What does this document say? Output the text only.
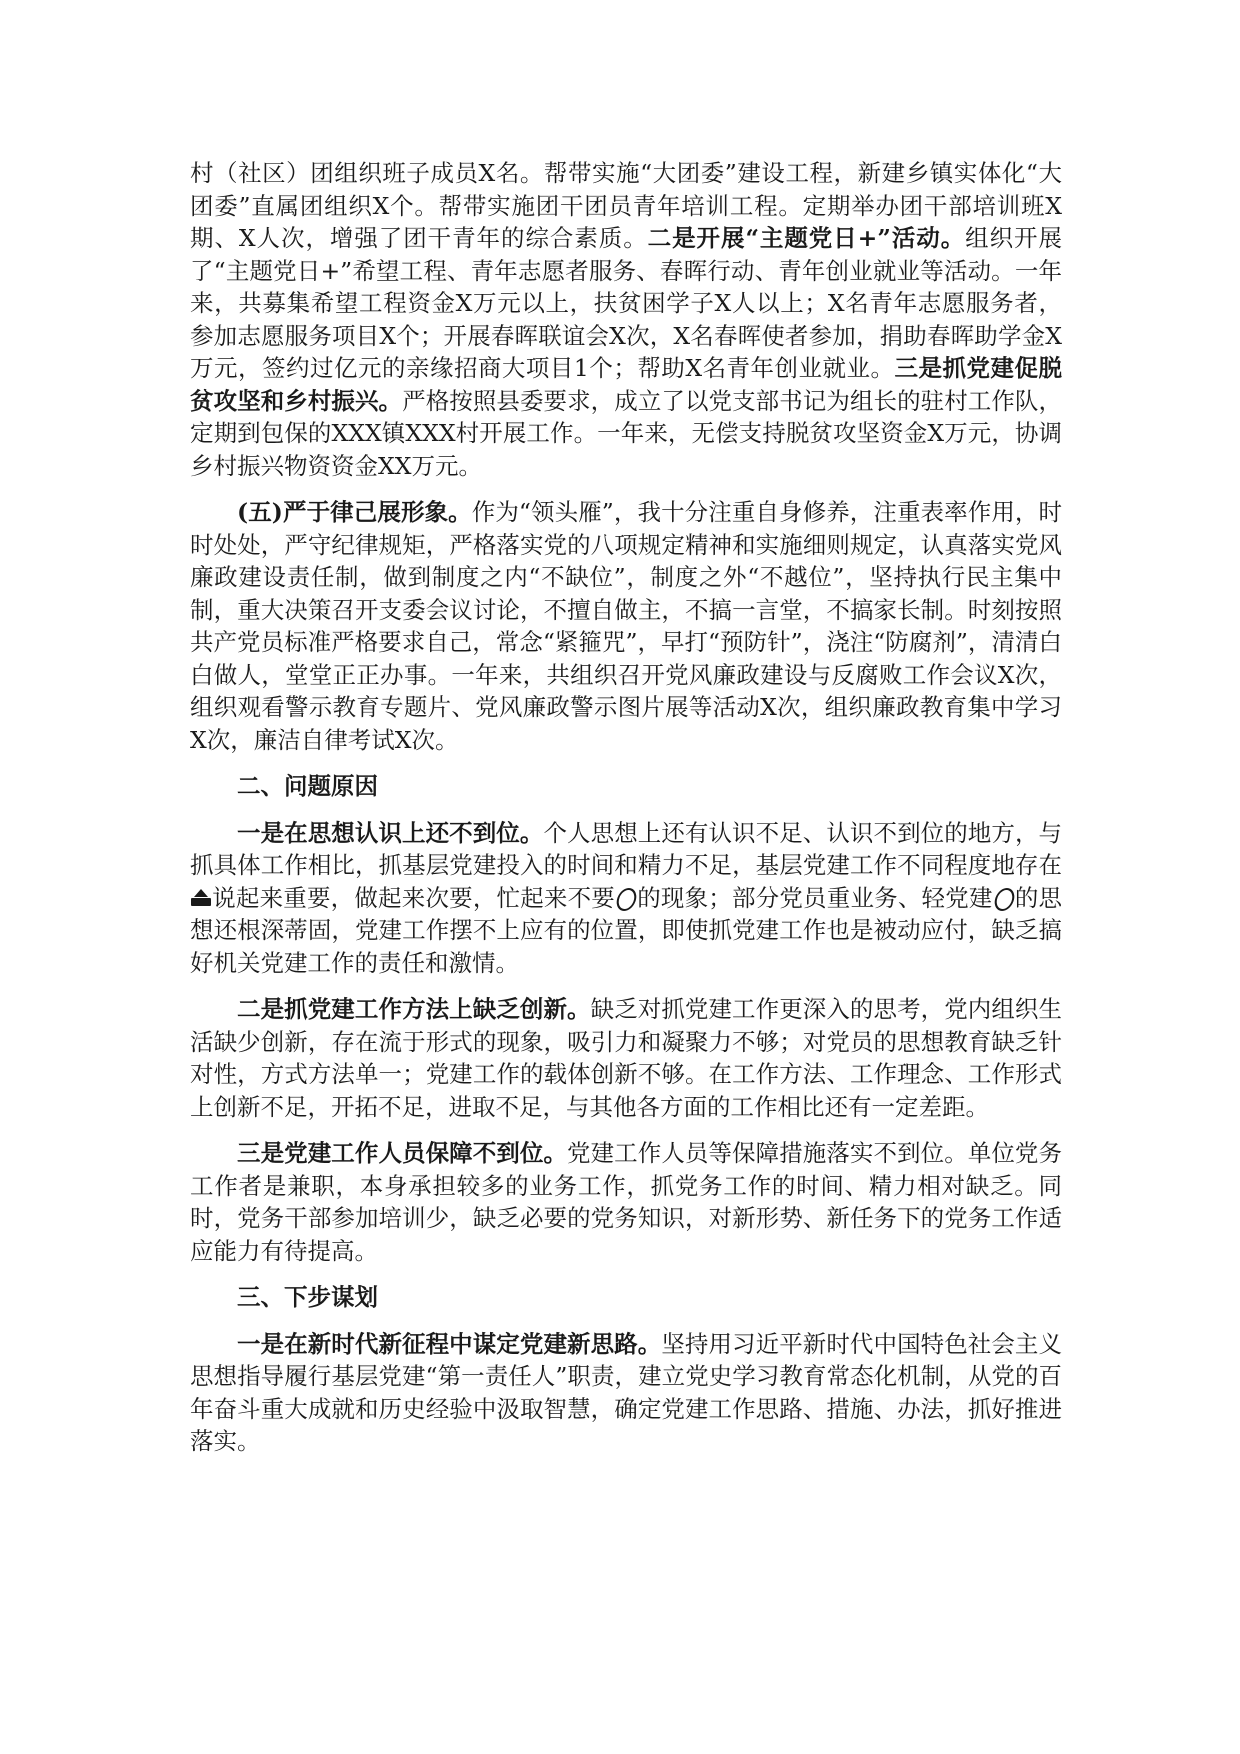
村（社区）团组织班子成员X名。帮带实施“大团委”建设工程，新建乡镇实体化“大团委”直属团组织X个。帮带实施团干团员青年培训工程。定期举办团干部培训班X期、X人次，增强了团干青年的综合素质。二是开展“主题党日+”活动。组织开展了“主题党日+”希望工程、青年志愿者服务、春晖行动、青年创业就业等活动。一年来，共募集希望工程资金X万元以上，扶贫困学子X人以上；X名青年志愿服务者，参加志愿服务项目X个；开展春晖联谊会X次，X名春晖使者参加，捐助春晖助学金X万元，签约过亿元的亲缘招商大项目1个；帮助X名青年创业就业。三是抓党建促脱贫攻坚和乡村振兴。严格按照县委要求，成立了以党支部书记为组长的驻村工作队，定期到包保的XXX镇XXX村开展工作。一年来，无偿支持脱贫攻坚资金X万元，协调乡村振兴物资资金XX万元。

(五)严于律己展形象。作为“领头雁”，我十分注重自身修养，注重表率作用，时时处处，严守纪律规矩，严格落实党的八项规定精神和实施细则规定，认真落实党风廉政建设责任制，做到制度之内“不缺位”，制度之外“不越位”，坚持执行民主集中制，重大决策召开支委会议讨论，不擅自做主，不搞一言堂，不搞家长制。时刻按照共产党员标准严格要求自己，常念“紧箍咒”，早打“预防针”，浇注“防腐剂”，清清白白做人，堂堂正正办事。一年来，共组织召开党风廉政建设与反腐败工作会议X次，组织观看警示教育专题片、党风廉政警示图片展等活动X次，组织廉政教育集中学习X次，廉洁自律考试X次。

二、问题原因

一是在思想认识上还不到位。个人思想上还有认识不足、认识不到位的地方，与抓具体工作相比，抓基层党建投入的时间和精力不足，基层党建工作不同程度地存在说起来重要，做起来次要，忙起来不要 的现象；部分党员重业务、轻党建 的思想还根深蒂固，党建工作摆不上应有的位置，即使抓党建工作也是被动应付，缺乏搞好机关党建工作的责任和激情。

二是抓党建工作方法上缺乏创新。缺乏对抓党建工作更深入的思考，党内组织生活缺少创新，存在流于形式的现象，吸引力和凝聚力不够；对党员的思想教育缺乏针对性，方式方法单一；党建工作的载体创新不够。在工作方法、工作理念、工作形式上创新不足，开拓不足，进取不足，与其他各方面的工作相比还有一定差距。

三是党建工作人员保障不到位。党建工作人员等保障措施落实不到位。单位党务工作者是兼职，本身承担较多的业务工作，抓党务工作的时间、精力相对缺乏。同时，党务干部参加培训少，缺乏必要的党务知识，对新形势、新任务下的党务工作适应能力有待提高。

三、下步谋划

一是在新时代新征程中谋定党建新思路。坚持用习近平新时代中国特色社会主义思想指导履行基层党建“第一责任人”职责，建立党史学习教育常态化机制，从党的百年奋斗重大成就和历史经验中汲取智慧，确定党建工作思路、措施、办法，抓好推进落实。
